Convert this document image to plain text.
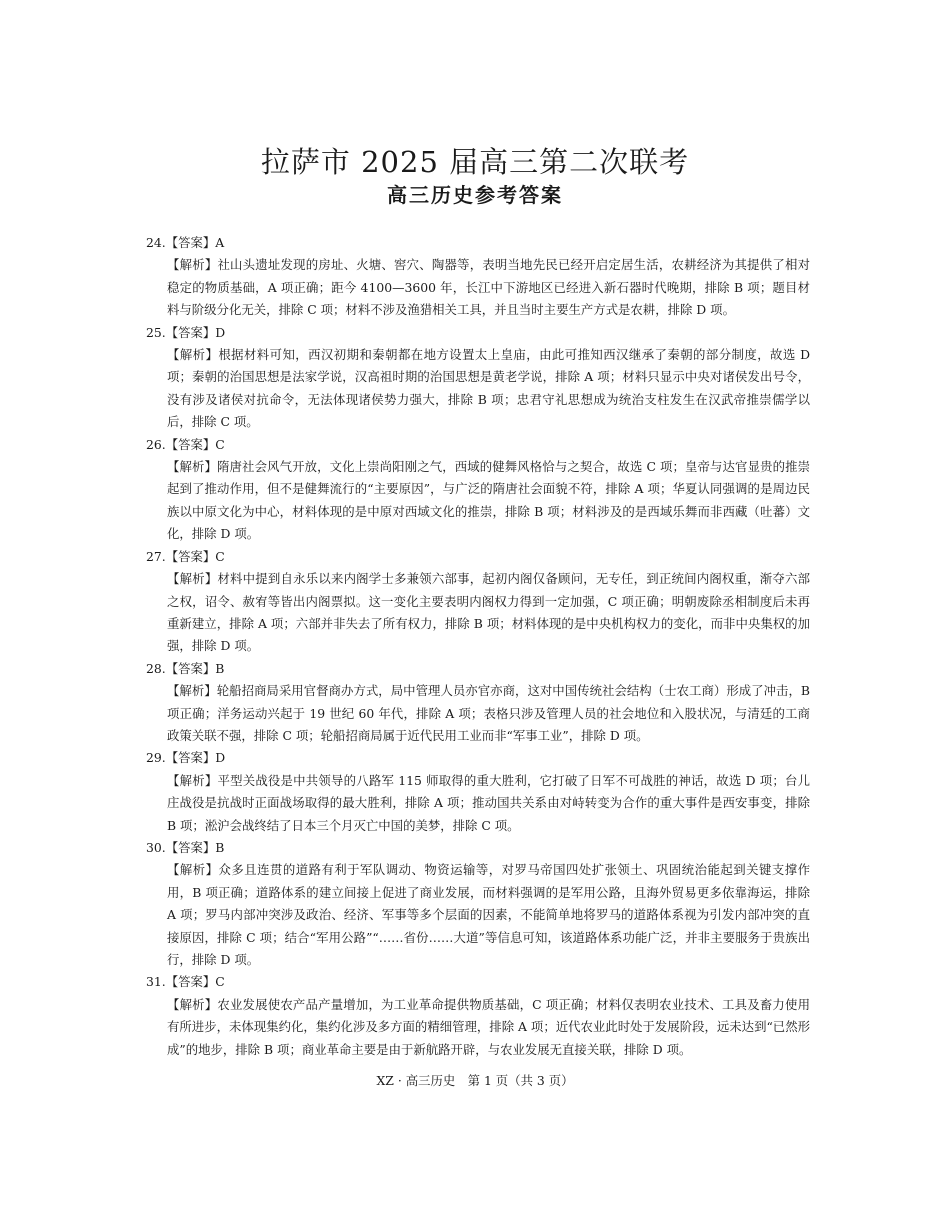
拉萨市 2025 届高三第二次联考
高三历史参考答案

24.【答案】A

【解析】社山头遗址发现的房址、火塘、窖穴、陶器等，表明当地先民已经开启定居生活，农耕经济为其提供了相对稳定的物质基础，A 项正确；距今 4100—3600 年，长江中下游地区已经进入新石器时代晚期，排除 B 项；题目材料与阶级分化无关，排除 C 项；材料不涉及渔猎相关工具，并且当时主要生产方式是农耕，排除 D 项。

25.【答案】D

【解析】根据材料可知，西汉初期和秦朝都在地方设置太上皇庙，由此可推知西汉继承了秦朝的部分制度，故选 D 项；秦朝的治国思想是法家学说，汉高祖时期的治国思想是黄老学说，排除 A 项；材料只显示中央对诸侯发出号令，没有涉及诸侯对抗命令，无法体现诸侯势力强大，排除 B 项；忠君守礼思想成为统治支柱发生在汉武帝推崇儒学以后，排除 C 项。

26.【答案】C

【解析】隋唐社会风气开放，文化上崇尚阳刚之气，西域的健舞风格恰与之契合，故选 C 项；皇帝与达官显贵的推崇起到了推动作用，但不是健舞流行的“主要原因”，与广泛的隋唐社会面貌不符，排除 A 项；华夏认同强调的是周边民族以中原文化为中心，材料体现的是中原对西域文化的推崇，排除 B 项；材料涉及的是西域乐舞而非西藏（吐蕃）文化，排除 D 项。

27.【答案】C

【解析】材料中提到自永乐以来内阁学士多兼领六部事，起初内阁仅备顾问，无专任，到正统间内阁权重，渐夺六部之权，诏令、赦宥等皆出内阁票拟。这一变化主要表明内阁权力得到一定加强，C 项正确；明朝废除丞相制度后未再重新建立，排除 A 项；六部并非失去了所有权力，排除 B 项；材料体现的是中央机构权力的变化，而非中央集权的加强，排除 D 项。

28.【答案】B

【解析】轮船招商局采用官督商办方式，局中管理人员亦官亦商，这对中国传统社会结构（士农工商）形成了冲击，B 项正确；洋务运动兴起于 19 世纪 60 年代，排除 A 项；表格只涉及管理人员的社会地位和入股状况，与清廷的工商政策关联不强，排除 C 项；轮船招商局属于近代民用工业而非“军事工业”，排除 D 项。

29.【答案】D

【解析】平型关战役是中共领导的八路军 115 师取得的重大胜利，它打破了日军不可战胜的神话，故选 D 项；台儿庄战役是抗战时正面战场取得的最大胜利，排除 A 项；推动国共关系由对峙转变为合作的重大事件是西安事变，排除 B 项；淞沪会战终结了日本三个月灭亡中国的美梦，排除 C 项。

30.【答案】B

【解析】众多且连贯的道路有利于军队调动、物资运输等，对罗马帝国四处扩张领土、巩固统治能起到关键支撑作用，B 项正确；道路体系的建立间接上促进了商业发展，而材料强调的是军用公路，且海外贸易更多依靠海运，排除 A 项；罗马内部冲突涉及政治、经济、军事等多个层面的因素，不能简单地将罗马的道路体系视为引发内部冲突的直接原因，排除 C 项；结合“军用公路”“……省份……大道”等信息可知，该道路体系功能广泛，并非主要服务于贵族出行，排除 D 项。

31.【答案】C

【解析】农业发展使农产品产量增加，为工业革命提供物质基础，C 项正确；材料仅表明农业技术、工具及畜力使用有所进步，未体现集约化，集约化涉及多方面的精细管理，排除 A 项；近代农业此时处于发展阶段，远未达到“已然形成”的地步，排除 B 项；商业革命主要是由于新航路开辟，与农业发展无直接关联，排除 D 项。

XZ · 高三历史　第 1 页（共 3 页）
